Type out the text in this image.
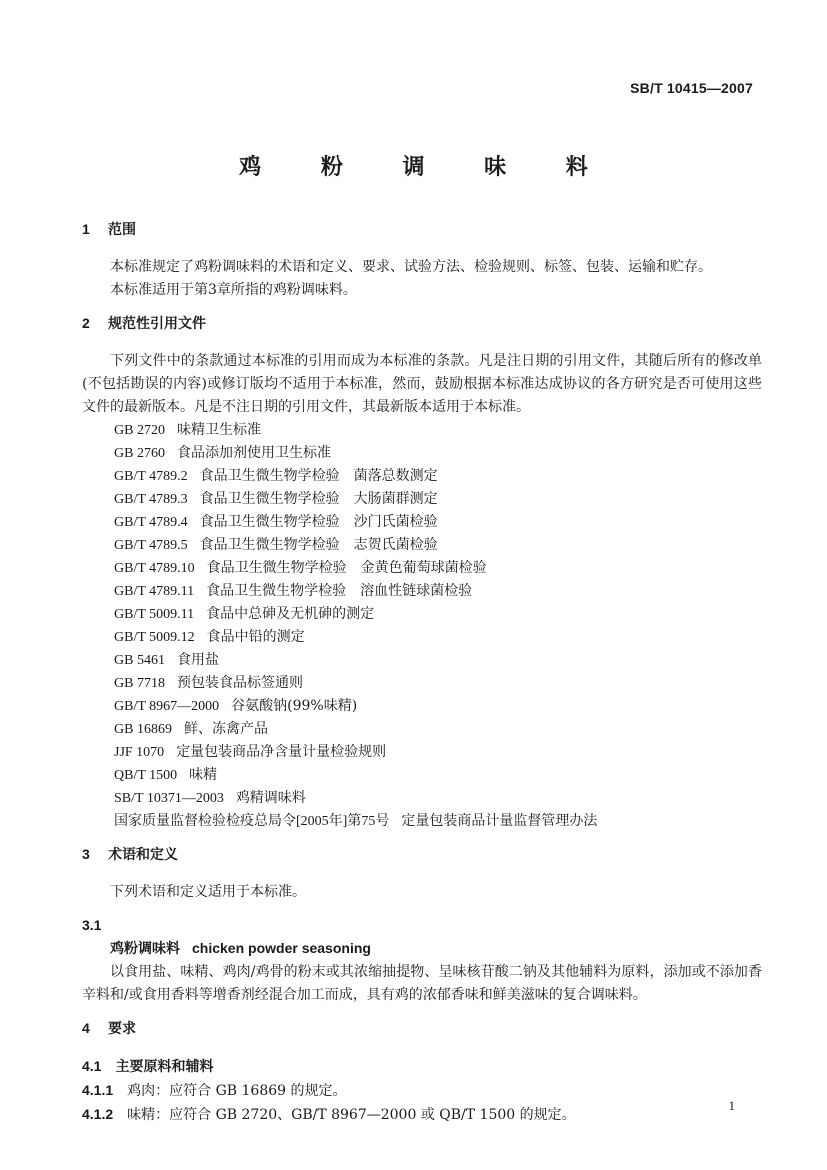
SB/T 10415—2007
鸡 粉 调 味 料

1 范围

本标准规定了鸡粉调味料的术语和定义、要求、试验方法、检验规则、标签、包装、运输和贮存。

本标准适用于第3章所指的鸡粉调味料。

2 规范性引用文件

下列文件中的条款通过本标准的引用而成为本标准的条款。凡是注日期的引用文件，其随后所有的修改单(不包括勘误的内容)或修订版均不适用于本标准，然而，鼓励根据本标准达成协议的各方研究是否可使用这些文件的最新版本。凡是不注日期的引用文件，其最新版本适用于本标准。

GB 2720 味精卫生标准
GB 2760 食品添加剂使用卫生标准
GB/T 4789.2 食品卫生微生物学检验　菌落总数测定
GB/T 4789.3 食品卫生微生物学检验　大肠菌群测定
GB/T 4789.4 食品卫生微生物学检验　沙门氏菌检验
GB/T 4789.5 食品卫生微生物学检验　志贺氏菌检验
GB/T 4789.10 食品卫生微生物学检验　金黄色葡萄球菌检验
GB/T 4789.11 食品卫生微生物学检验　溶血性链球菌检验
GB/T 5009.11 食品中总砷及无机砷的测定
GB/T 5009.12 食品中铅的测定
GB 5461 食用盐
GB 7718 预包装食品标签通则
GB/T 8967—2000 谷氨酸钠(99%味精)
GB 16869 鲜、冻禽产品
JJF 1070 定量包装商品净含量计量检验规则
QB/T 1500 味精
SB/T 10371—2003 鸡精调味料
国家质量监督检验检疫总局令[2005年]第75号 定量包装商品计量监督管理办法

3 术语和定义

下列术语和定义适用于本标准。

3.1

鸡粉调味料 chicken powder seasoning

以食用盐、味精、鸡肉/鸡骨的粉末或其浓缩抽提物、呈味核苷酸二钠及其他辅料为原料，添加或不添加香辛料和/或食用香料等增香剂经混合加工而成，具有鸡的浓郁香味和鲜美滋味的复合调味料。

4 要求

4.1 主要原料和辅料

4.1.1 鸡肉：应符合 GB 16869 的规定。

4.1.2 味精：应符合 GB 2720、GB/T 8967—2000 或 QB/T 1500 的规定。

1
